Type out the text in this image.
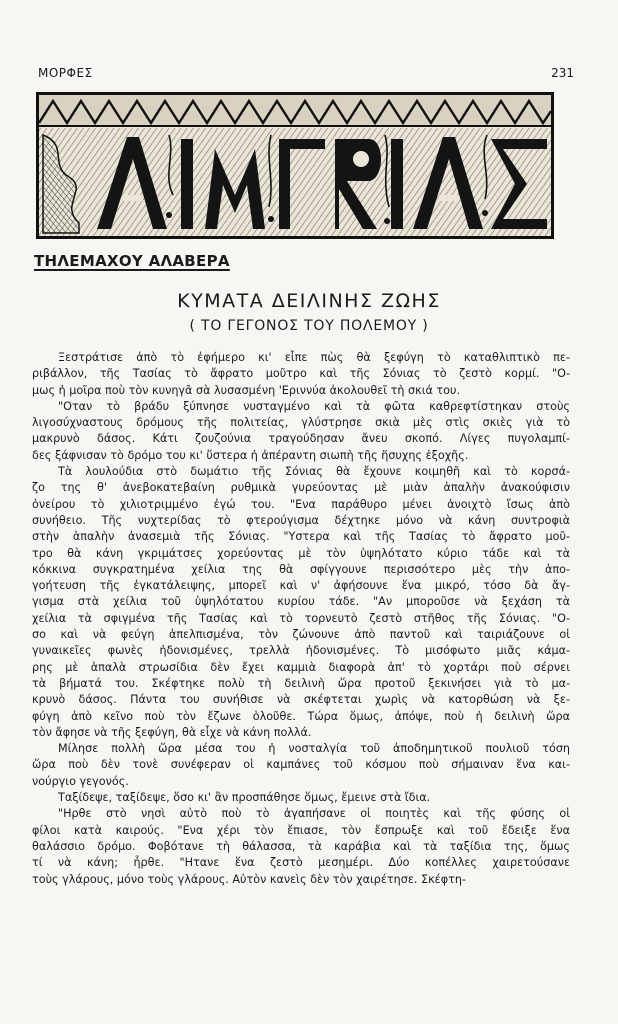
ΜΟΡΦΕΣ	231
ΤΗΛΕΜΑΧΟΥ ΑΛΑΒΕΡΑ
ΚΥΜΑΤΑ ΔΕΙΛΙΝΗΣ ΖΩΗΣ
( ΤΟ ΓΕΓΟΝΟΣ ΤΟΥ ΠΟΛΕΜΟΥ )

Ξεστράτισε ἀπὸ τὸ ἐφήμερο κι' εἶπε πὼς θὰ ξεφύγη τὸ καταθλιπτικὸ πε-
ριβάλλον, τῆς Τασίας τὸ ἄφρατο μοῦτρο καὶ τῆς Σόνιας τὸ ζεστὸ κορμί. "Ο-
μως ἡ μοῖρα ποὺ τὸν κυνηγᾶ σὰ λυσασμένη 'Εριννύα ἀκολουθεῖ τὴ σκιά του.

"Οταν τὸ βράδυ ξύπνησε νυσταγμένο καὶ τὰ φῶτα καθρεφτίστηκαν στοὺς
λιγοσύχναστους δρόμους τῆς πολιτείας, γλύστρησε σκιὰ μὲς στὶς σκιὲς γιὰ τὸ
μακρυνὸ δάσος. Κάτι ζουζούνια τραγούδησαν ἄνευ σκοπό. Λίγες πυγολαμπί-
δες ξάφνισαν τὸ δρόμο του κι' ὕστερα ἡ ἀπέραντη σιωπὴ τῆς ἥσυχης ἐξοχῆς.

Τὰ λουλούδια στὸ δωμάτιο τῆς Σόνιας θὰ ἔχουνε κοιμηθῆ καὶ τὸ κορσά-
ζο της θ' ἀνεβοκατεβαίνη ρυθμικὰ γυρεύοντας μὲ μιὰν ἁπαλὴν ἀνακούφισιν
ὀνείρου τὸ χιλιοτριμμένο ἐγώ του. "Ενα παράθυρο μένει ἀνοιχτὸ ἴσως ἀπὸ
συνήθειο. Τῆς νυχτερίδας τὸ φτερούγισμα δέχτηκε μόνο νὰ κάνη συντροφιὰ
στὴν ἁπαλὴν ἀνασεμιὰ τῆς Σόνιας. "Υστερα καὶ τῆς Τασίας τὸ ἄφρατο μοῦ-
τρο θὰ κάνη γκριμάτσες χορεύοντας μὲ τὸν ὑψηλότατο κύριο τάδε καὶ τὰ
κόκκινα συγκρατημένα χείλια της θὰ σφίγγουνε περισσότερο μὲς τὴν ἀπο-
γοήτευση τῆς ἐγκατάλειψης, μπορεῖ καὶ ν' ἀφήσουνε ἕνα μικρό, τόσο δὰ ἄγ-
γισμα στὰ χείλια τοῦ ὑψηλότατου κυρίου τάδε. "Αν μποροῦσε νὰ ξεχάση τὰ
χείλια τὰ σφιγμένα τῆς Τασίας καὶ τὸ τορνευτὸ ζεστὸ στῆθος τῆς Σόνιας. "Ο-
σο καὶ νὰ φεύγη ἀπελπισμένα, τὸν ζώνουνε ἀπὸ παντοῦ καὶ ταιριάζουνε οἱ
γυναικεῖες φωνὲς ἡδονισμένες, τρελλὰ ἡδονισμένες. Τὸ μισόφωτο μιᾶς κάμα-
ρης μὲ ἁπαλὰ στρωσίδια δὲν ἔχει καμμιὰ διαφορὰ ἀπ' τὸ χορτάρι ποὺ σέρνει
τὰ βήματά του. Σκέφτηκε πολὺ τὴ δειλινὴ ὥρα προτοῦ ξεκινήσει γιὰ τὸ μα-
κρυνὸ δάσος. Πάντα του συνήθισε νὰ σκέφτεται χωρὶς νὰ κατορθώση νὰ ξε-
φύγη ἀπὸ κεῖνο ποὺ τὸν ἔζωνε ὁλοῦθε. Τώρα ὅμως, ἀπόψε, ποὺ ἡ δειλινὴ ὥρα
τὸν ἄφησε νὰ τῆς ξεφύγη, θὰ εἶχε νὰ κάνη πολλά.

Μίλησε πολλὴ ὥρα μέσα του ἡ νοσταλγία τοῦ ἀποδημητικοῦ πουλιοῦ τόση
ὥρα ποὺ δὲν τονὲ συνέφεραν οἱ καμπάνες τοῦ κόσμου ποὺ σήμαιναν ἕνα και-
νούργιο γεγονός.

Ταξίδεψε, ταξίδεψε, ὅσο κι' ἂν προσπάθησε ὅμως, ἔμεινε στὰ ἴδια.

"Ηρθε στὸ νησὶ αὐτὸ ποὺ τὸ ἀγαπήσανε οἱ ποιητὲς καὶ τῆς φύσης οἱ
φίλοι κατὰ καιρούς. "Ενα χέρι τὸν ἔπιασε, τὸν ἔσπρωξε καὶ τοῦ ἔδειξε ἕνα
θαλάσσιο δρόμο. Φοβότανε τὴ θάλασσα, τὰ καράβια καὶ τὰ ταξίδια της, ὅμως
τί νὰ κάνη; ἦρθε. "Ητανε ἕνα ζεστὸ μεσημέρι. Δύο κοπέλλες χαιρετούσανε
τοὺς γλάρους, μόνο τοὺς γλάρους. Αὐτὸν κανεὶς δὲν τὸν χαιρέτησε. Σκέφτη-
